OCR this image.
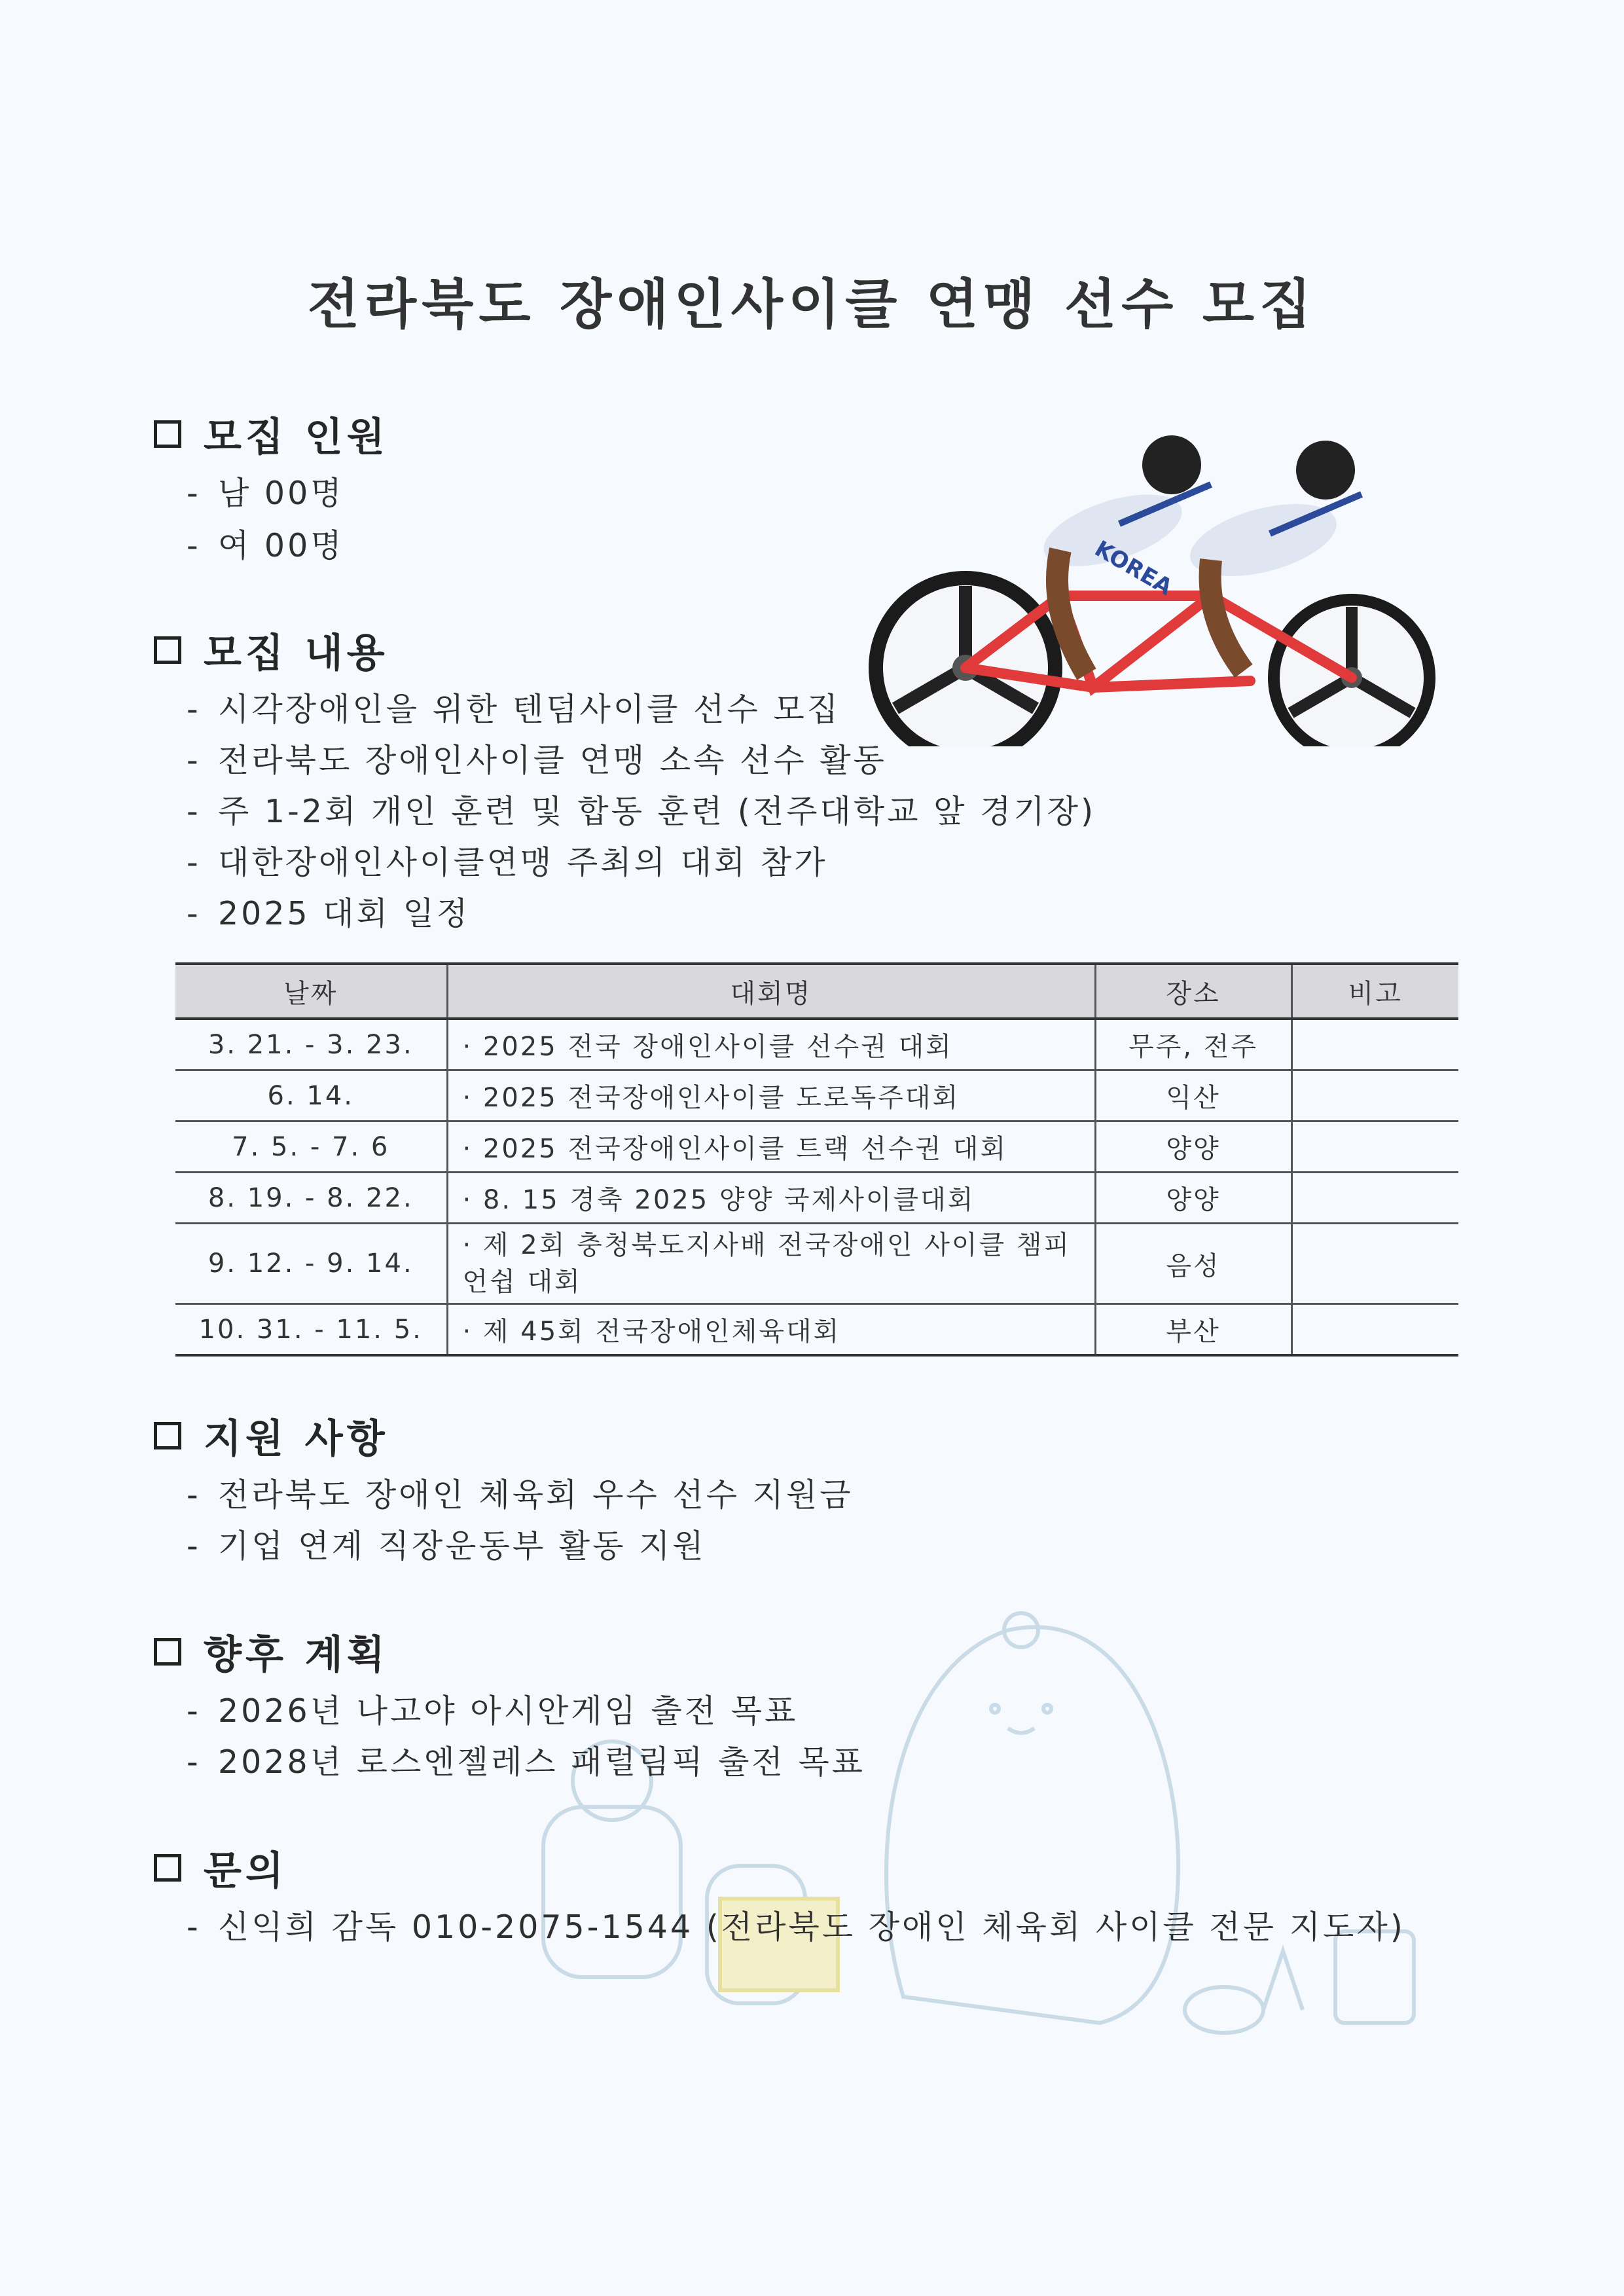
전라북도 장애인사이클 연맹 선수 모집
모집 인원
- 남 00명
- 여 00명
모집 내용
- 시각장애인을 위한 텐덤사이클 선수 모집
- 전라북도 장애인사이클 연맹 소속 선수 활동
- 주 1-2회 개인 훈련 및 합동 훈련 (전주대학교 앞 경기장)
- 대한장애인사이클연맹 주최의 대회 참가
- 2025 대회 일정
KOREA
날짜	대회명	장소	비고
3. 21. - 3. 23.	· 2025 전국 장애인사이클 선수권 대회	무주, 전주	
6. 14.	· 2025 전국장애인사이클 도로독주대회	익산	
7. 5. - 7. 6	· 2025 전국장애인사이클 트랙 선수권 대회	양양	
8. 19. - 8. 22.	· 8. 15 경축 2025 양양 국제사이클대회	양양	
9. 12. - 9. 14.	· 제 2회 충청북도지사배 전국장애인 사이클 챔피언쉽 대회	음성	
10. 31. - 11. 5.	· 제 45회 전국장애인체육대회	부산	
지원 사항
- 전라북도 장애인 체육회 우수 선수 지원금
- 기업 연계 직장운동부 활동 지원
향후 계획
- 2026년 나고야 아시안게임 출전 목표
- 2028년 로스엔젤레스 패럴림픽 출전 목표
문의
- 신익희 감독 010-2075-1544 (전라북도 장애인 체육회 사이클 전문 지도자)
